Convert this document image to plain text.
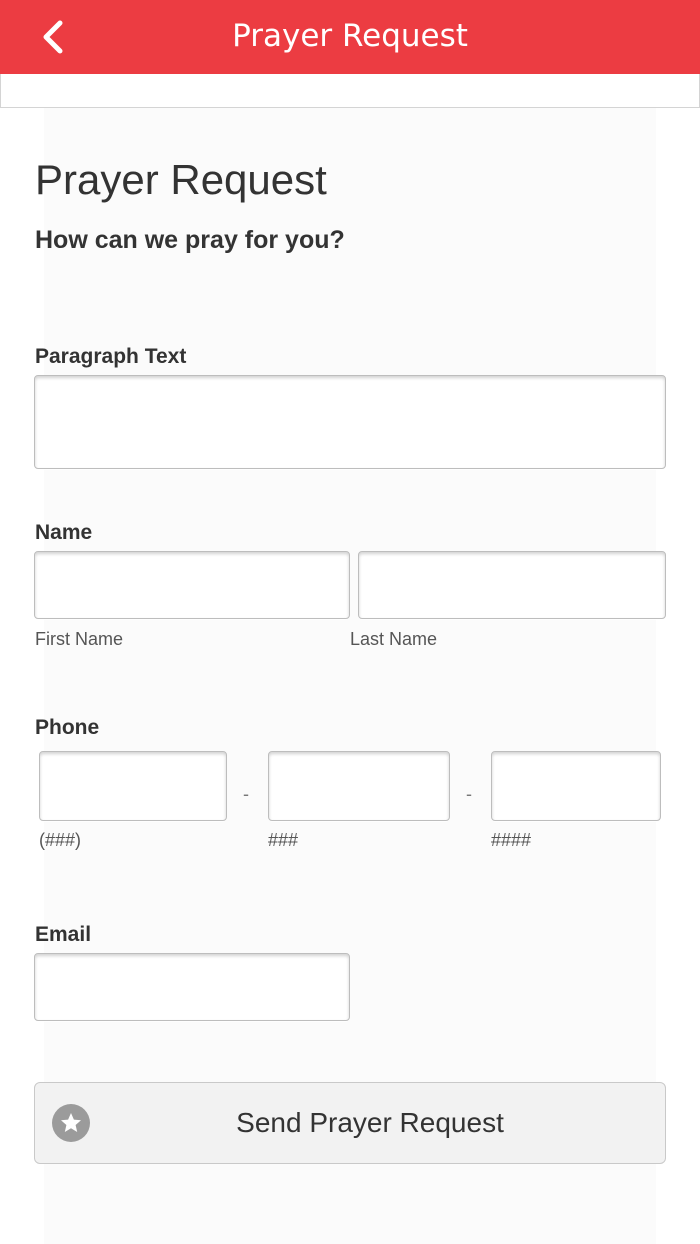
Prayer Request
Prayer Request
How can we pray for you?
Paragraph Text
Name
First Name	Last Name
Phone
-	-
(###)	###	####
Email
Send Prayer Request
